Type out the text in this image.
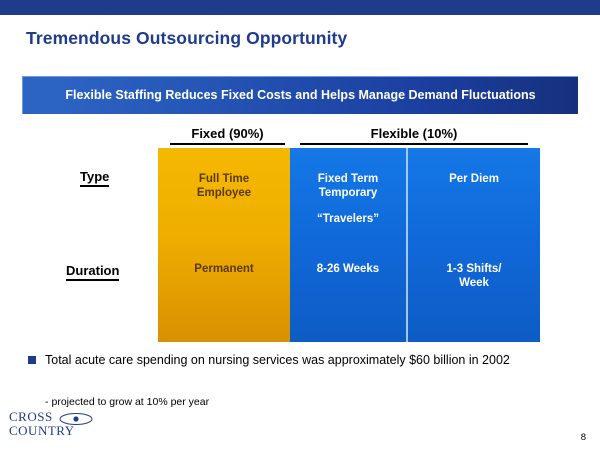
Tremendous Outsourcing Opportunity
Flexible Staffing Reduces Fixed Costs and Helps Manage Demand Fluctuations
Fixed (90%)	Flexible (10%)
Type
Duration
Full Time
Employee
Permanent
Fixed Term
Temporary
“Travelers”
8-26 Weeks
Per Diem
1-3 Shifts/
Week
Total acute care spending on nursing services was approximately $60 billion in 2002
- projected to grow at 10% per year
CROSS
COUNTRY	8
